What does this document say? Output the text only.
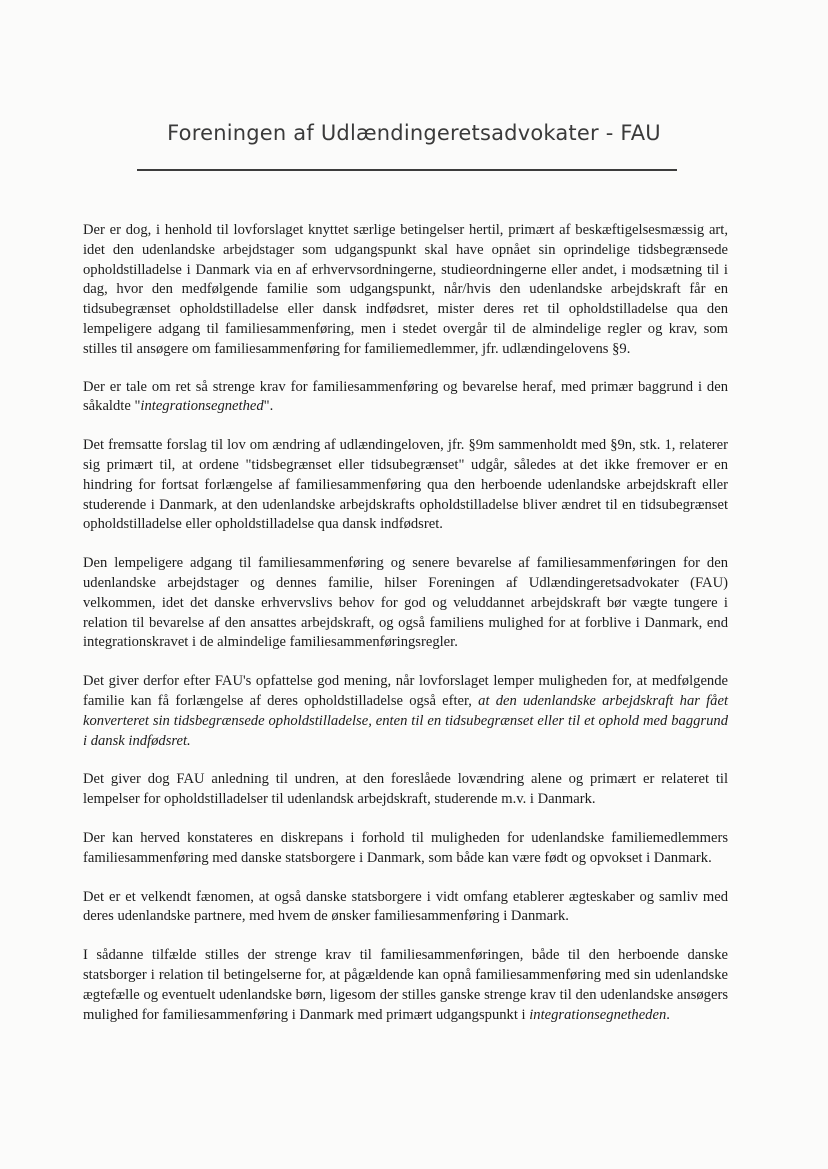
Foreningen af Udlændingeretsadvokater - FAU

Der er dog, i henhold til lovforslaget knyttet særlige betingelser hertil, primært af beskæftigelsesmæssig art, idet den udenlandske arbejdstager som udgangspunkt skal have opnået sin oprindelige tidsbegrænsede opholdstilladelse i Danmark via en af erhvervsordningerne, studieordningerne eller andet, i modsætning til i dag, hvor den medfølgende familie som udgangspunkt, når/hvis den udenlandske arbejdskraft får en tidsubegrænset opholdstilladelse eller dansk indfødsret, mister deres ret til opholdstilladelse qua den lempeligere adgang til familiesammenføring, men i stedet overgår til de almindelige regler og krav, som stilles til ansøgere om familiesammenføring for familiemedlemmer, jfr. udlændingelovens §9.

Der er tale om ret så strenge krav for familiesammenføring og bevarelse heraf, med primær baggrund i den såkaldte "integrationsegnethed".

Det fremsatte forslag til lov om ændring af udlændingeloven, jfr. §9m sammenholdt med §9n, stk. 1, relaterer sig primært til, at ordene "tidsbegrænset eller tidsubegrænset" udgår, således at det ikke fremover er en hindring for fortsat forlængelse af familiesammenføring qua den herboende udenlandske arbejdskraft eller studerende i Danmark, at den udenlandske arbejdskrafts opholdstilladelse bliver ændret til en tidsubegrænset opholdstilladelse eller opholdstilladelse qua dansk indfødsret.

Den lempeligere adgang til familiesammenføring og senere bevarelse af familiesammenføringen for den udenlandske arbejdstager og dennes familie, hilser Foreningen af Udlændingeretsadvokater (FAU) velkommen, idet det danske erhvervslivs behov for god og veluddannet arbejdskraft bør vægte tungere i relation til bevarelse af den ansattes arbejdskraft, og også familiens mulighed for at forblive i Danmark, end integrationskravet i de almindelige familiesammenføringsregler.

Det giver derfor efter FAU's opfattelse god mening, når lovforslaget lemper muligheden for, at medfølgende familie kan få forlængelse af deres opholdstilladelse også efter, at den udenlandske arbejdskraft har fået konverteret sin tidsbegrænsede opholdstilladelse, enten til en tidsubegrænset eller til et ophold med baggrund i dansk indfødsret.

Det giver dog FAU anledning til undren, at den foreslåede lovændring alene og primært er relateret til lempelser for opholdstilladelser til udenlandsk arbejdskraft, studerende m.v. i Danmark.

Der kan herved konstateres en diskrepans i forhold til muligheden for udenlandske familiemedlemmers familiesammenføring med danske statsborgere i Danmark, som både kan være født og opvokset i Danmark.

Det er et velkendt fænomen, at også danske statsborgere i vidt omfang etablerer ægteskaber og samliv med deres udenlandske partnere, med hvem de ønsker familiesammenføring i Danmark.

I sådanne tilfælde stilles der strenge krav til familiesammenføringen, både til den herboende danske statsborger i relation til betingelserne for, at pågældende kan opnå familiesammenføring med sin udenlandske ægtefælle og eventuelt udenlandske børn, ligesom der stilles ganske strenge krav til den udenlandske ansøgers mulighed for familiesammenføring i Danmark med primært udgangspunkt i integrationsegnetheden.
